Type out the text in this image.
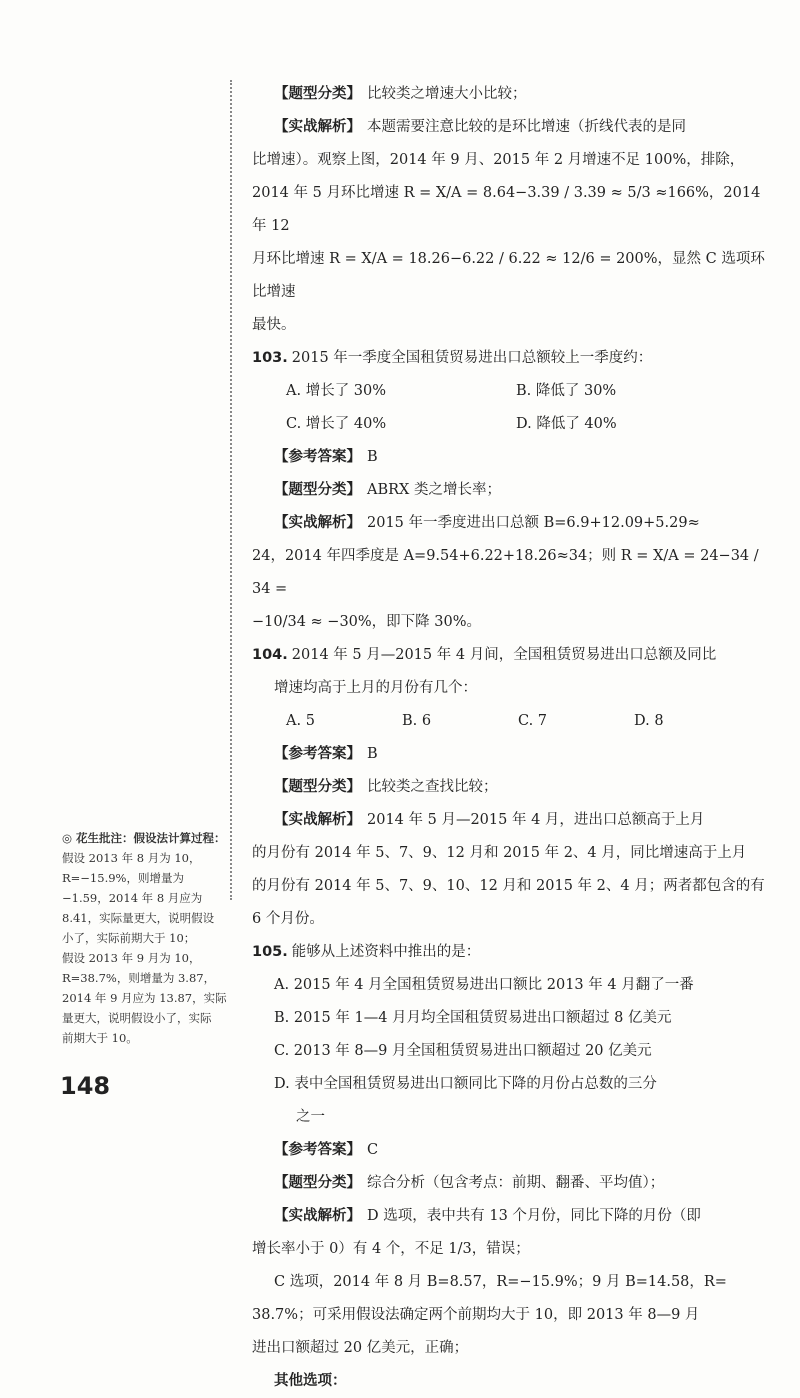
【题型分类】 比较类之增速大小比较；

【实战解析】 本题需要注意比较的是环比增速（折线代表的是同

比增速）。观察上图，2014 年 9 月、2015 年 2 月增速不足 100%，排除，

2014 年 5 月环比增速 R = X/A = 8.64−3.39 / 3.39 ≈ 5/3 ≈166%，2014 年 12

月环比增速 R = X/A = 18.26−6.22 / 6.22 ≈ 12/6 = 200%，显然 C 选项环比增速

最快。

103. 2015 年一季度全国租赁贸易进出口总额较上一季度约：

A. 增长了 30%	B. 降低了 30%
C. 增长了 40%	D. 降低了 40%

【参考答案】 B

【题型分类】 ABRX 类之增长率；

【实战解析】 2015 年一季度进出口总额 B=6.9+12.09+5.29≈

24，2014 年四季度是 A=9.54+6.22+18.26≈34；则 R = X/A = 24−34 / 34 =

−10/34 ≈ −30%，即下降 30%。

104. 2014 年 5 月—2015 年 4 月间，全国租赁贸易进出口总额及同比

增速均高于上月的月份有几个：

A. 5	B. 6	C. 7	D. 8

【参考答案】 B

【题型分类】 比较类之查找比较；

【实战解析】 2014 年 5 月—2015 年 4 月，进出口总额高于上月

的月份有 2014 年 5、7、9、12 月和 2015 年 2、4 月，同比增速高于上月

的月份有 2014 年 5、7、9、10、12 月和 2015 年 2、4 月；两者都包含的有

6 个月份。

105. 能够从上述资料中推出的是：

A. 2015 年 4 月全国租赁贸易进出口额比 2013 年 4 月翻了一番

B. 2015 年 1—4 月月均全国租赁贸易进出口额超过 8 亿美元

C. 2013 年 8—9 月全国租赁贸易进出口额超过 20 亿美元

D. 表中全国租赁贸易进出口额同比下降的月份占总数的三分

之一

【参考答案】 C

【题型分类】 综合分析（包含考点：前期、翻番、平均值）；

【实战解析】 D 选项，表中共有 13 个月份，同比下降的月份（即

增长率小于 0）有 4 个，不足 1/3，错误；

C 选项，2014 年 8 月 B=8.57，R=−15.9%；9 月 B=14.58，R=

38.7%；可采用假设法确定两个前期均大于 10，即 2013 年 8—9 月

进出口额超过 20 亿美元，正确；

其他选项：

◎ 花生批注：假设法计算过程：

假设 2013 年 8 月为 10，

R=−15.9%，则增量为

−1.59，2014 年 8 月应为

8.41，实际量更大，说明假设

小了，实际前期大于 10；

假设 2013 年 9 月为 10，

R=38.7%，则增量为 3.87，

2014 年 9 月应为 13.87，实际

量更大，说明假设小了，实际

前期大于 10。

148
